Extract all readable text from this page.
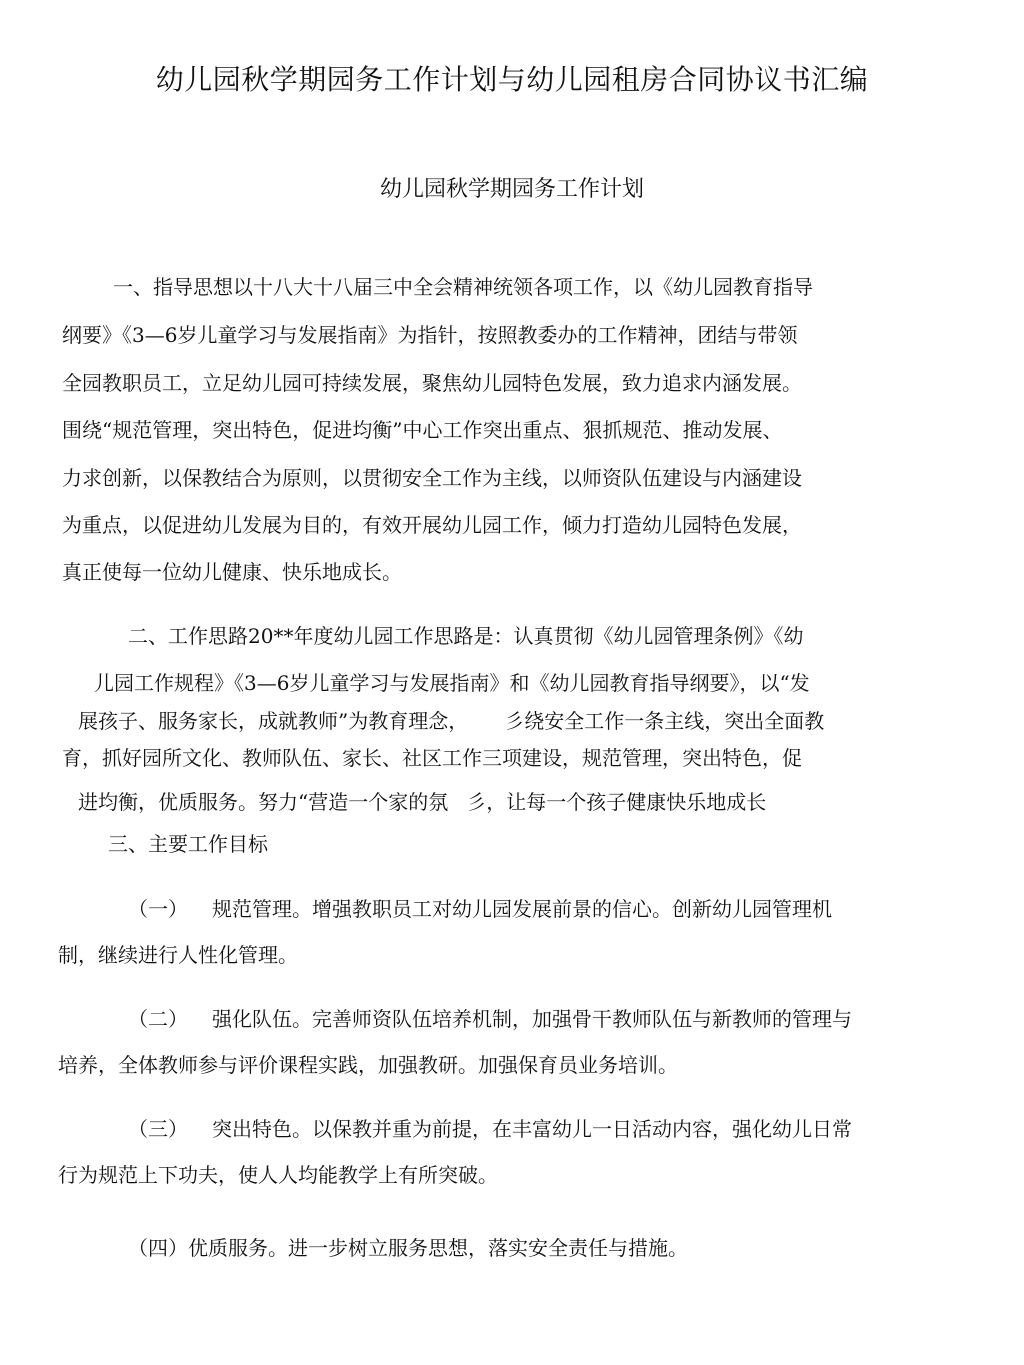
幼儿园秋学期园务工作计划与幼儿园租房合同协议书汇编
幼儿园秋学期园务工作计划

一、指导思想以十八大十八届三中全会精神统领各项工作，以《幼儿园教育指导

纲要》《3—6岁儿童学习与发展指南》为指针，按照教委办的工作精神，团结与带领

全园教职员工，立足幼儿园可持续发展，聚焦幼儿园特色发展，致力追求内涵发展。

围绕“规范管理，突出特色，促进均衡”中心工作突出重点、狠抓规范、推动发展、

力求创新，以保教结合为原则，以贯彻安全工作为主线，以师资队伍建设与内涵建设

为重点，以促进幼儿发展为目的，有效开展幼儿园工作，倾力打造幼儿园特色发展，

真正使每一位幼儿健康、快乐地成长。

二、工作思路20**年度幼儿园工作思路是：认真贯彻《幼儿园管理条例》《幼

儿园工作规程》《3—6岁儿童学习与发展指南》和《幼儿园教育指导纲要》，以“发

展孩子、服务家长，成就教师”为教育理念， 彡绕安全工作一条主线，突出全面教

育，抓好园所文化、教师队伍、家长、社区工作三项建设，规范管理，突出特色，促

进均衡，优质服务。努力“营造一个家的氛 彡，让每一个孩子健康快乐地成长

三、主要工作目标

（一） 规范管理。增强教职员工对幼儿园发展前景的信心。创新幼儿园管理机

制，继续进行人性化管理。

（二） 强化队伍。完善师资队伍培养机制，加强骨干教师队伍与新教师的管理与

培养，全体教师参与评价课程实践，加强教研。加强保育员业务培训。

（三） 突出特色。以保教并重为前提，在丰富幼儿一日活动内容，强化幼儿日常

行为规范上下功夫，使人人均能教学上有所突破。

（四）优质服务。进一步树立服务思想，落实安全责任与措施。
